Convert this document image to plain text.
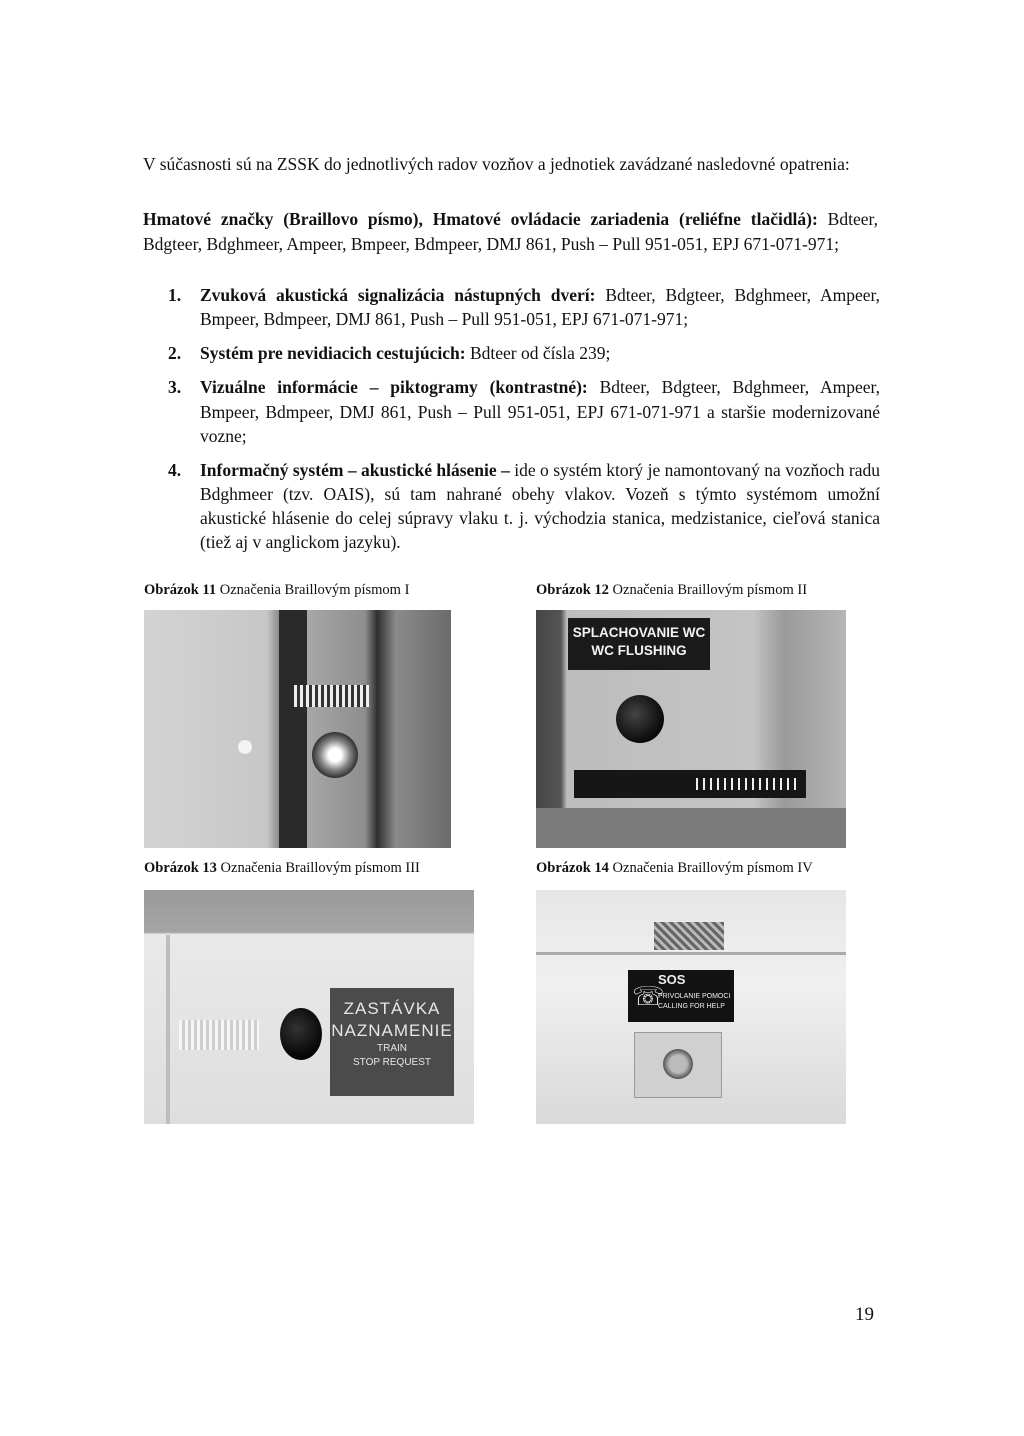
V súčasnosti sú na ZSSK do jednotlivých radov vozňov a jednotiek zavádzané nasledovné opatrenia:
Hmatové značky (Braillovo písmo), Hmatové ovládacie zariadenia (reliéfne tlačidlá): Bdteer, Bdgteer, Bdghmeer, Ampeer, Bmpeer, Bdmpeer, DMJ 861, Push – Pull 951-051, EPJ 671-071-971;
1. Zvuková akustická signalizácia nástupných dverí: Bdteer, Bdgteer, Bdghmeer, Ampeer, Bmpeer, Bdmpeer, DMJ 861, Push – Pull 951-051, EPJ 671-071-971;
2. Systém pre nevidiacich cestujúcich: Bdteer od čísla 239;
3. Vizuálne informácie – piktogramy (kontrastné): Bdteer, Bdgteer, Bdghmeer, Ampeer, Bmpeer, Bdmpeer, DMJ 861, Push – Pull 951-051, EPJ 671-071-971 a staršie modernizované vozne;
4. Informačný systém – akustické hlásenie – ide o systém ktorý je namontovaný na vozňoch radu Bdghmeer (tzv. OAIS), sú tam nahrané obehy vlakov. Vozeň s týmto systémom umožní akustické hlásenie do celej súpravy vlaku t. j. východzia stanica, medzistanice, cieľová stanica (tiež aj v anglickom jazyku).
Obrázok 11 Označenia Braillovým písmom I	Obrázok 12 Označenia Braillovým písmom II
SPLACHOVANIE WC
WC FLUSHING
Obrázok 13 Označenia Braillovým písmom III
ZASTÁVKA
NAZNAMENIE
TRAIN
STOP REQUEST
Obrázok 14 Označenia Braillovým písmom IV
☏
SOS
PRIVOLANIE POMOCI
CALLING FOR HELP
19
